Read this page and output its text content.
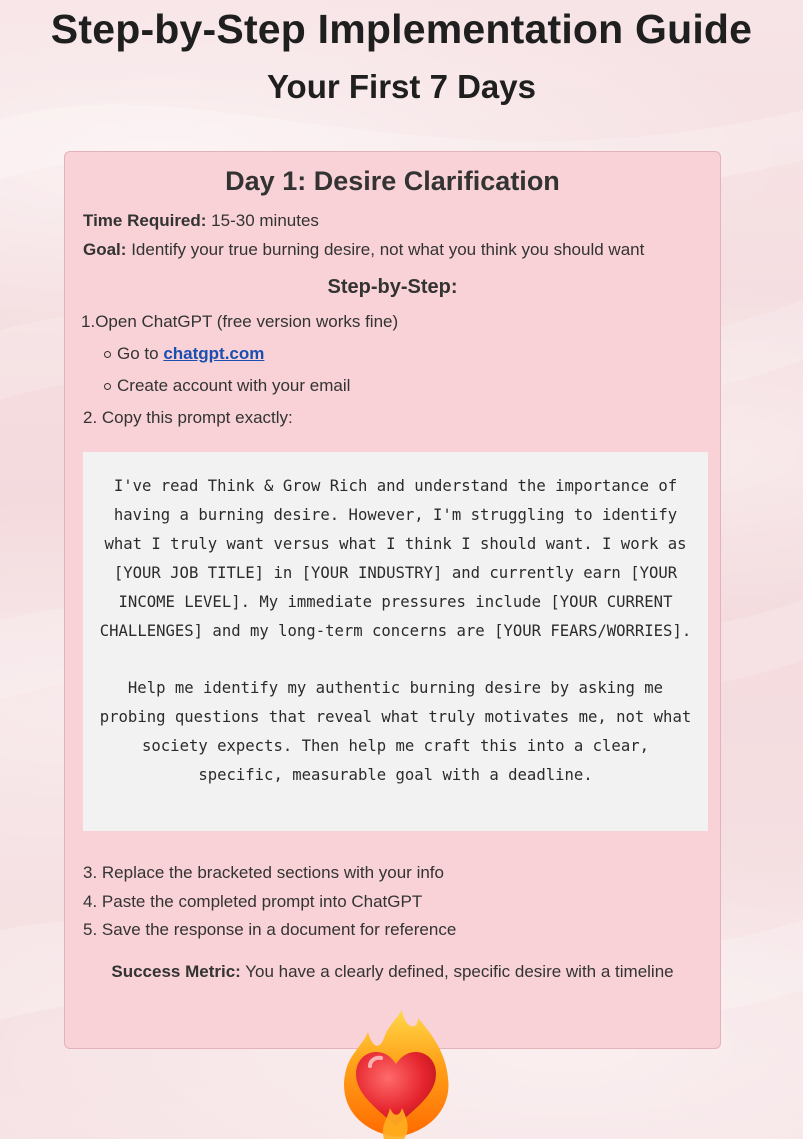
Step-by-Step Implementation Guide
Your First 7 Days
Day 1: Desire Clarification
Time Required: 15-30 minutes
Goal: Identify your true burning desire, not what you think you should want
Step-by-Step:
1.Open ChatGPT (free version works fine)
Go to chatgpt.com
Create account with your email
2. Copy this prompt exactly:

I've read Think & Grow Rich and understand the importance of having a burning desire. However, I'm struggling to identify what I truly want versus what I think I should want. I work as [YOUR JOB TITLE] in [YOUR INDUSTRY] and currently earn [YOUR INCOME LEVEL]. My immediate pressures include [YOUR CURRENT CHALLENGES] and my long-term concerns are [YOUR FEARS/WORRIES].

Help me identify my authentic burning desire by asking me probing questions that reveal what truly motivates me, not what society expects. Then help me craft this into a clear, specific, measurable goal with a deadline.

3. Replace the bracketed sections with your info
4. Paste the completed prompt into ChatGPT
5. Save the response in a document for reference
Success Metric: You have a clearly defined, specific desire with a timeline
